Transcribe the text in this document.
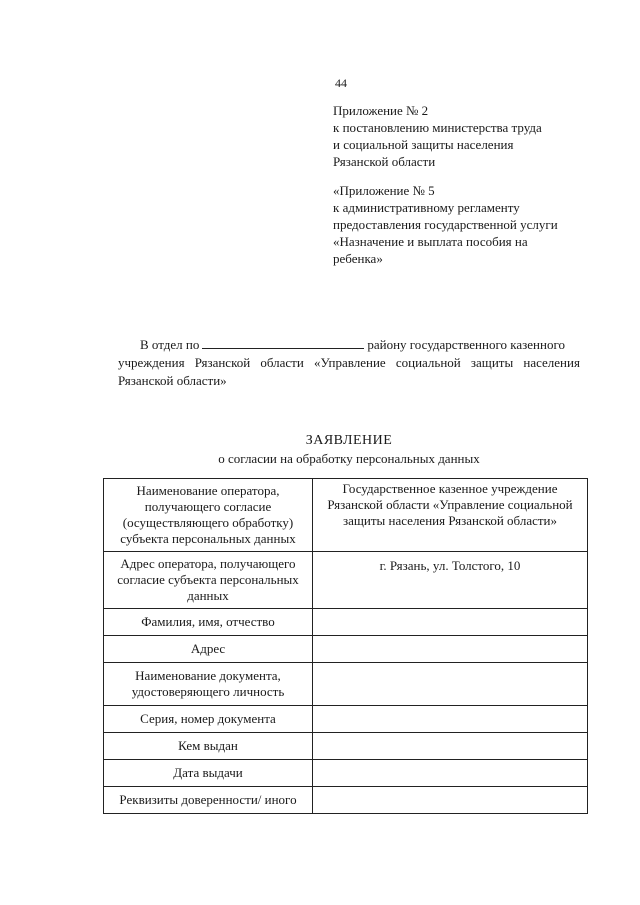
44
Приложение № 2
к постановлению министерства труда
и социальной защиты населения
Рязанской области
«Приложение № 5
к административному регламенту
предоставления государственной услуги
«Назначение и выплата пособия на
ребенка»
В отдел по	району государственного казенного
учреждения Рязанской области «Управление социальной защиты населения
Рязанской области»
ЗАЯВЛЕНИЕ
о согласии на обработку персональных данных
Наименование оператора, получающего согласие (осуществляющего обработку) субъекта персональных данных	Государственное казенное учреждение Рязанской области «Управление социальной защиты населения Рязанской области»
Адрес оператора, получающего согласие субъекта персональных данных	г. Рязань, ул. Толстого, 10
Фамилия, имя, отчество	
Адрес	
Наименование документа, удостоверяющего личность	
Серия, номер документа	
Кем выдан	
Дата выдачи	
Реквизиты доверенности/ иного	
